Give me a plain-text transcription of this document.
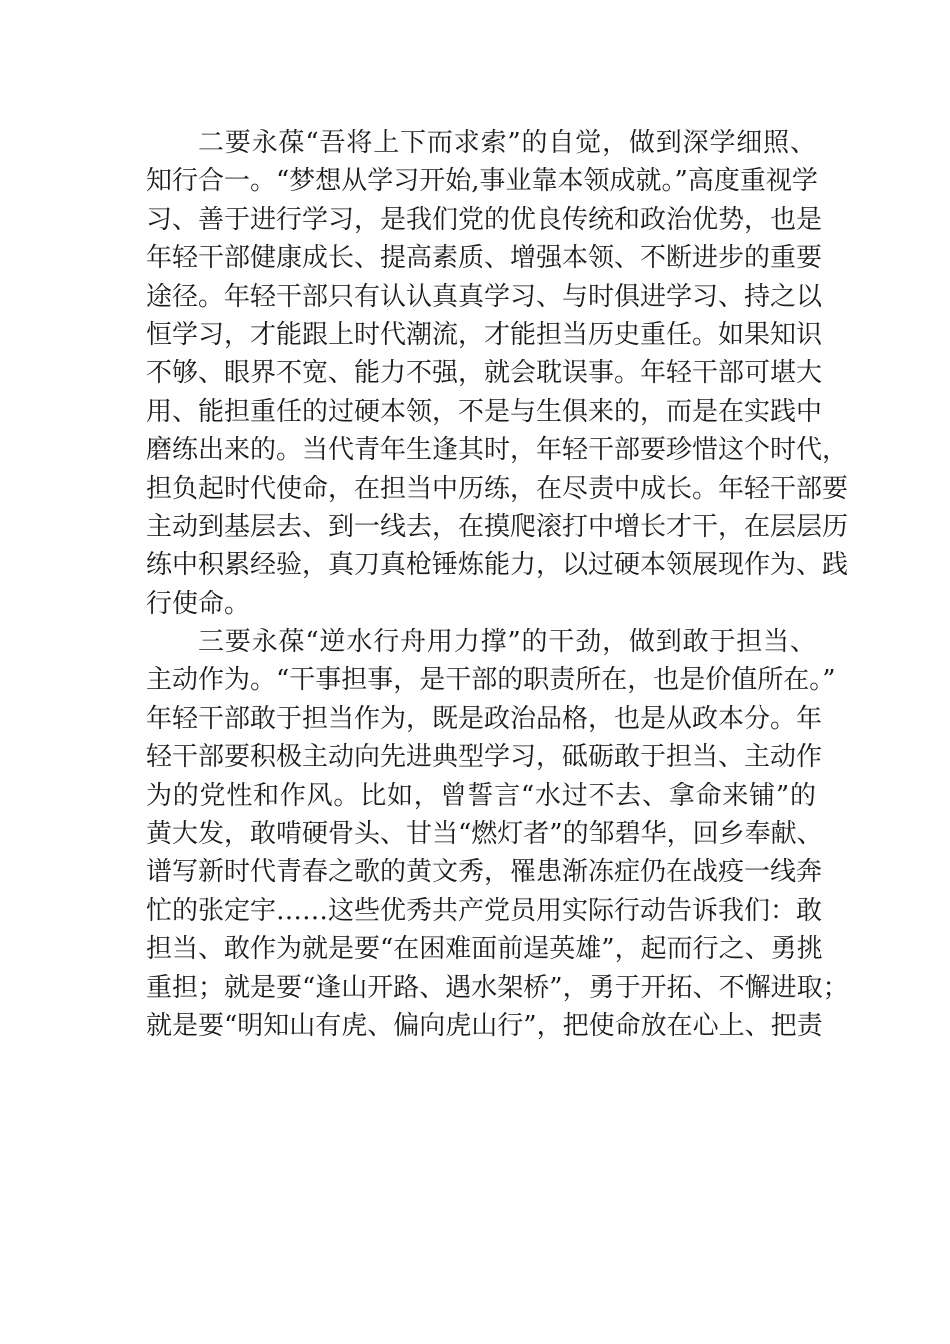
二要永葆“吾将上下而求索”的自觉，做到深学细照、
知行合一。“梦想从学习开始,事业靠本领成就。”高度重视学
习、善于进行学习，是我们党的优良传统和政治优势，也是
年轻干部健康成长、提高素质、增强本领、不断进步的重要
途径。年轻干部只有认认真真学习、与时俱进学习、持之以
恒学习，才能跟上时代潮流，才能担当历史重任。如果知识
不够、眼界不宽、能力不强，就会耽误事。年轻干部可堪大
用、能担重任的过硬本领，不是与生俱来的，而是在实践中
磨练出来的。当代青年生逢其时，年轻干部要珍惜这个时代，
担负起时代使命，在担当中历练，在尽责中成长。年轻干部要
主动到基层去、到一线去，在摸爬滚打中增长才干，在层层历
练中积累经验，真刀真枪锤炼能力，以过硬本领展现作为、践
行使命。
三要永葆“逆水行舟用力撑”的干劲，做到敢于担当、
主动作为。“干事担事，是干部的职责所在，也是价值所在。”
年轻干部敢于担当作为，既是政治品格，也是从政本分。年
轻干部要积极主动向先进典型学习，砥砺敢于担当、主动作
为的党性和作风。比如，曾誓言“水过不去、拿命来铺”的
黄大发，敢啃硬骨头、甘当“燃灯者”的邹碧华，回乡奉献、
谱写新时代青春之歌的黄文秀，罹患渐冻症仍在战疫一线奔
忙的张定宇……这些优秀共产党员用实际行动告诉我们：敢
担当、敢作为就是要“在困难面前逞英雄”，起而行之、勇挑
重担；就是要“逢山开路、遇水架桥”，勇于开拓、不懈进取；
就是要“明知山有虎、偏向虎山行”，把使命放在心上、把责
